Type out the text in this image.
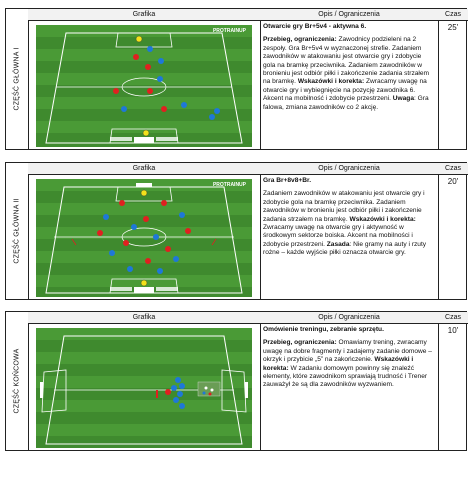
CZĘŚĆ GŁÓWNA I
Grafika
PROTRAINUP
Opis / Ograniczenia

Otwarcie gry Br+5v4 - aktywna 6.

Przebieg, ograniczenia: Zawodnicy podzieleni na 2 zespoły. Gra Br+5v4 w wyznaczonej strefie. Zadaniem zawodników w atakowaniu jest otwarcie gry i zdobycie gola na bramkę przeciwnika. Zadaniem zawodników w bronieniu jest odbiór piłki i zakończenie zadania strzałem na bramkę. Wskazówki i korekta: Zwracamy uwagę na otwarcie gry i wybiegnięcie na pozycję zawodnika 6. Akcent na mobilność i zdobycie przestrzeni. Uwaga: Gra falowa, zmiana zawodników co 2 akcję.

Czas
25'
CZĘŚĆ GŁÓWNA II
Grafika
PROTRAINUP
Opis / Ograniczenia

Gra Br+8v8+Br.

Zadaniem zawodników w atakowaniu jest otwarcie gry i zdobycie gola na bramkę przeciwnika. Zadaniem zawodników w bronieniu jest odbiór piłki i zakończenie zadania strzałem na bramkę. Wskazówki i korekta: Zwracamy uwagę na otwarcie gry i aktywność w środkowym sektorze boiska. Akcent na mobilności i zdobycie przestrzeni. Zasada: Nie gramy na auty i rzuty rożne – każde wyjście piłki oznacza otwarcie gry.

Czas
20'
CZĘŚĆ KOŃCOWA
Grafika	Opis / Ograniczenia

Omówienie treningu, zebranie sprzętu.

Przebieg, ograniczenia: Omawiamy trening, zwracamy uwagę na dobre fragmenty i zadajemy zadanie domowe – okrzyk i przybicie „5” na zakończenie. Wskazówki i korekta: W zadaniu domowym powinny się znaleźć elementy, które zawodnikom sprawiają trudność i Trener zauważył że są dla zawodników wyzwaniem.

Czas
10'
